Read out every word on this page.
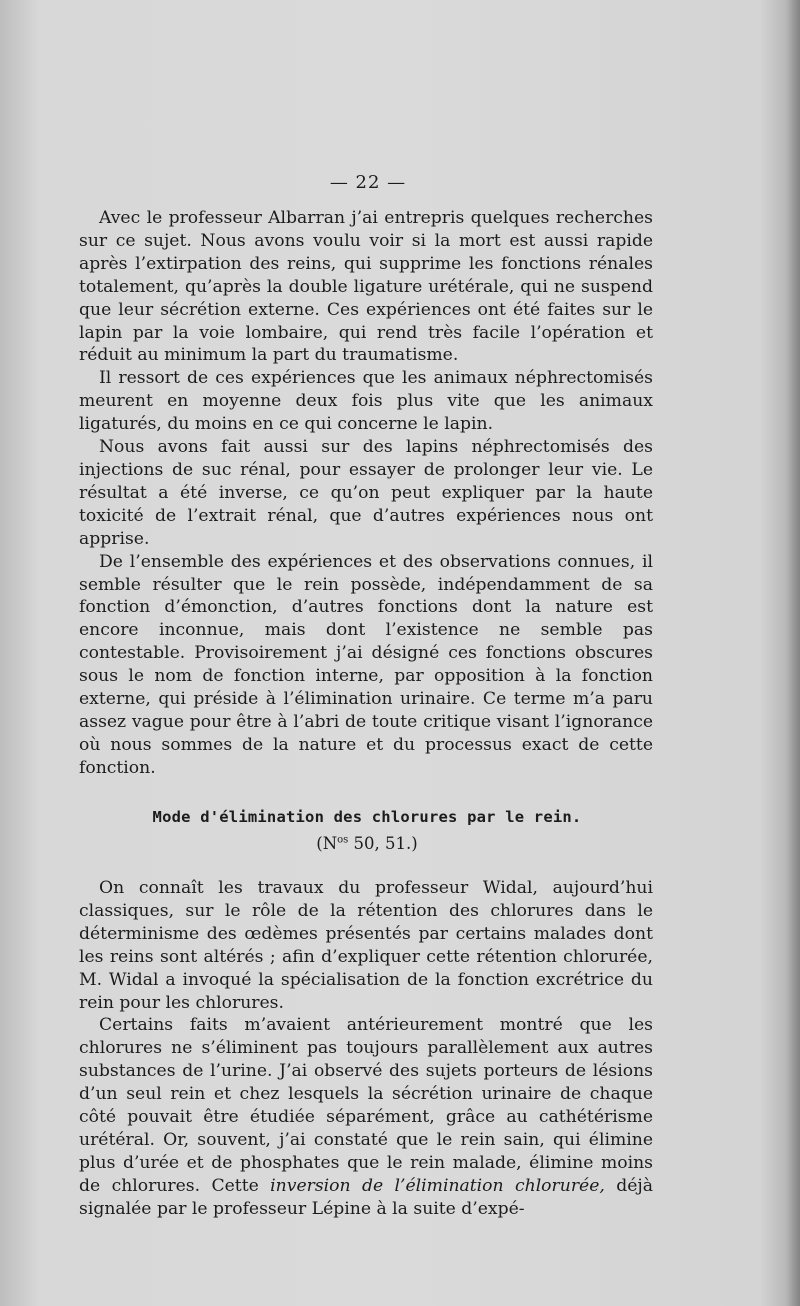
— 22 —

Avec le professeur Albarran j’ai entrepris quelques recherches sur ce sujet. Nous avons voulu voir si la mort est aussi rapide après l’extirpation des reins, qui supprime les fonctions rénales totalement, qu’après la double ligature urétérale, qui ne suspend que leur sécrétion externe. Ces expériences ont été faites sur le lapin par la voie lombaire, qui rend très facile l’opération et réduit au minimum la part du traumatisme.

Il ressort de ces expériences que les animaux néphrectomisés meurent en moyenne deux fois plus vite que les animaux ligaturés, du moins en ce qui concerne le lapin.

Nous avons fait aussi sur des lapins néphrectomisés des injections de suc rénal, pour essayer de prolonger leur vie. Le résultat a été inverse, ce qu’on peut expliquer par la haute toxicité de l’extrait rénal, que d’autres expériences nous ont apprise.

De l’ensemble des expériences et des observations connues, il semble résulter que le rein possède, indépendamment de sa fonction d’émonction, d’autres fonctions dont la nature est encore inconnue, mais dont l’existence ne semble pas contestable. Provisoirement j’ai désigné ces fonctions obscures sous le nom de fonction interne, par opposition à la fonction externe, qui préside à l’élimination urinaire. Ce terme m’a paru assez vague pour être à l’abri de toute critique visant l’ignorance où nous sommes de la nature et du processus exact de cette fonction.

Mode d'élimination des chlorures par le rein.
($N^{os}$ 50, 51.)

On connaît les travaux du professeur Widal, aujourd’hui classiques, sur le rôle de la rétention des chlorures dans le déterminisme des œdèmes présentés par certains malades dont les reins sont altérés ; afin d’expliquer cette rétention chlorurée, M. Widal a invoqué la spécialisation de la fonction excrétrice du rein pour les chlorures.

Certains faits m’avaient antérieurement montré que les chlorures ne s’éliminent pas toujours parallèlement aux autres substances de l’urine. J’ai observé des sujets porteurs de lésions d’un seul rein et chez lesquels la sécrétion urinaire de chaque côté pouvait être étudiée séparément, grâce au cathétérisme urétéral. Or, souvent, j’ai constaté que le rein sain, qui élimine plus d’urée et de phosphates que le rein malade, élimine moins de chlorures. Cette inversion de l’élimination chlorurée, déjà signalée par le professeur Lépine à la suite d’expé-
